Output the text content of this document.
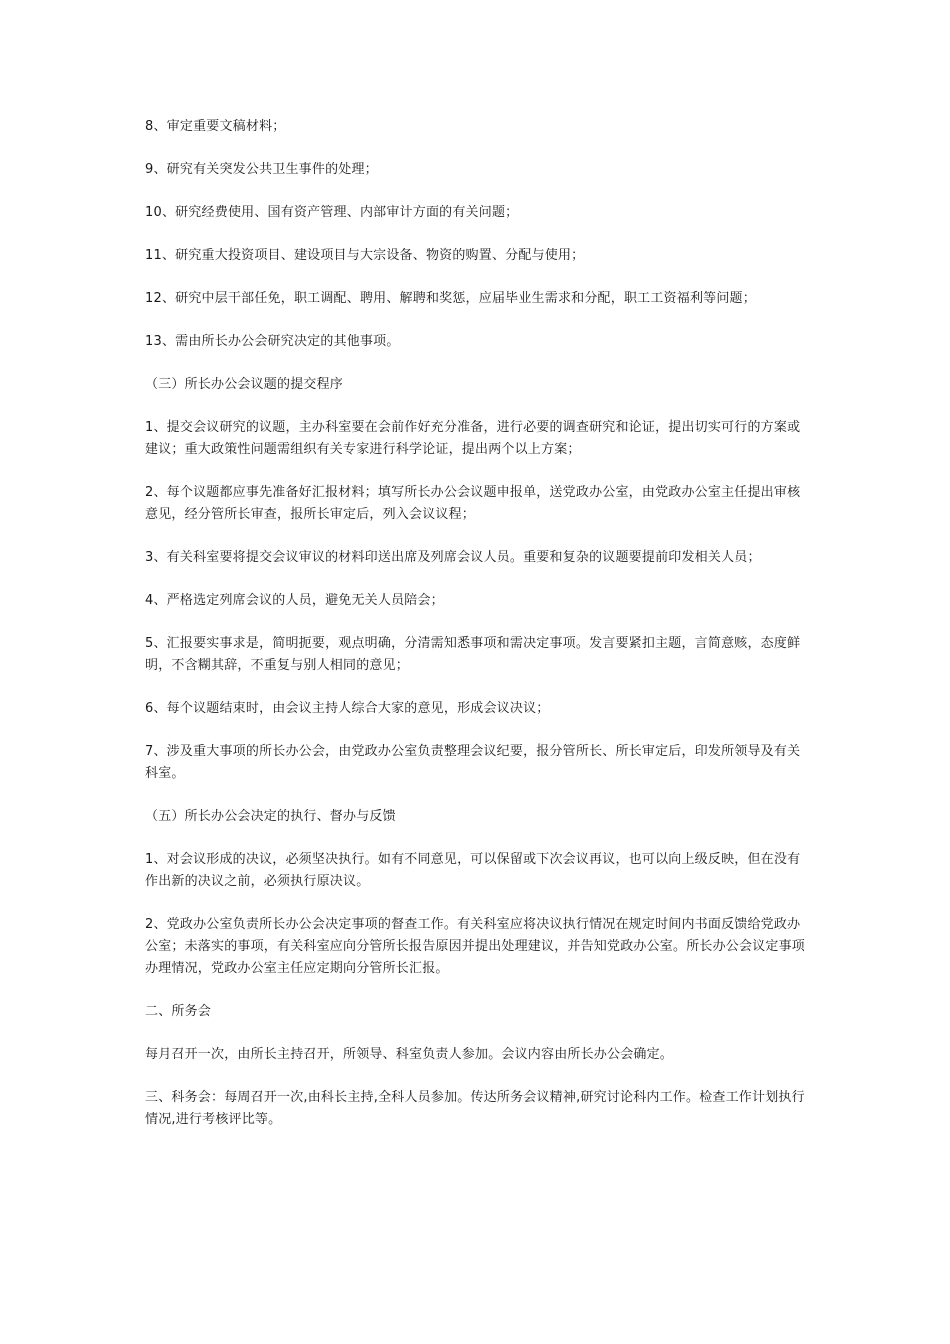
8、审定重要文稿材料；

9、研究有关突发公共卫生事件的处理；

10、研究经费使用、国有资产管理、内部审计方面的有关问题；

11、研究重大投资项目、建设项目与大宗设备、物资的购置、分配与使用；

12、研究中层干部任免，职工调配、聘用、解聘和奖惩，应届毕业生需求和分配，职工工资福利等问题；

13、需由所长办公会研究决定的其他事项。

（三）所长办公会议题的提交程序

1、提交会议研究的议题，主办科室要在会前作好充分准备，进行必要的调查研究和论证，提出切实可行的方案或建议；重大政策性问题需组织有关专家进行科学论证，提出两个以上方案；

2、每个议题都应事先准备好汇报材料；填写所长办公会议题申报单，送党政办公室，由党政办公室主任提出审核意见，经分管所长审查，报所长审定后，列入会议议程；

3、有关科室要将提交会议审议的材料印送出席及列席会议人员。重要和复杂的议题要提前印发相关人员；

4、严格选定列席会议的人员，避免无关人员陪会；

5、汇报要实事求是，简明扼要，观点明确，分清需知悉事项和需决定事项。发言要紧扣主题，言简意赅，态度鲜明，不含糊其辞，不重复与别人相同的意见；

6、每个议题结束时，由会议主持人综合大家的意见，形成会议决议；

7、涉及重大事项的所长办公会，由党政办公室负责整理会议纪要，报分管所长、所长审定后，印发所领导及有关科室。

（五）所长办公会决定的执行、督办与反馈

1、对会议形成的决议，必须坚决执行。如有不同意见，可以保留或下次会议再议，也可以向上级反映，但在没有作出新的决议之前，必须执行原决议。

2、党政办公室负责所长办公会决定事项的督查工作。有关科室应将决议执行情况在规定时间内书面反馈给党政办公室；未落实的事项，有关科室应向分管所长报告原因并提出处理建议，并告知党政办公室。所长办公会议定事项办理情况，党政办公室主任应定期向分管所长汇报。

二、所务会

每月召开一次，由所长主持召开，所领导、科室负责人参加。会议内容由所长办公会确定。

三、科务会：每周召开一次,由科长主持,全科人员参加。传达所务会议精神,研究讨论科内工作。检查工作计划执行情况,进行考核评比等。
